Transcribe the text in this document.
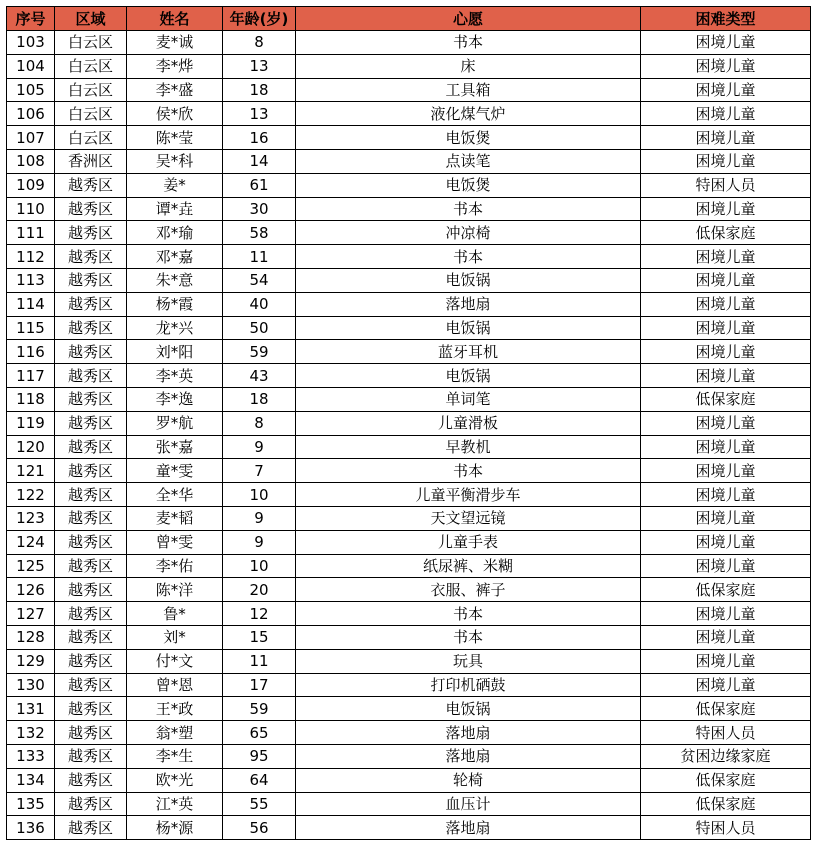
序号	区域	姓名	年龄(岁)	心愿	困难类型
103	白云区	麦*诚	8	书本	困境儿童
104	白云区	李*烨	13	床	困境儿童
105	白云区	李*盛	18	工具箱	困境儿童
106	白云区	侯*欣	13	液化煤气炉	困境儿童
107	白云区	陈*莹	16	电饭煲	困境儿童
108	香洲区	吴*科	14	点读笔	困境儿童
109	越秀区	姜*	61	电饭煲	特困人员
110	越秀区	谭*垚	30	书本	困境儿童
111	越秀区	邓*瑜	58	冲凉椅	低保家庭
112	越秀区	邓*嘉	11	书本	困境儿童
113	越秀区	朱*意	54	电饭锅	困境儿童
114	越秀区	杨*霞	40	落地扇	困境儿童
115	越秀区	龙*兴	50	电饭锅	困境儿童
116	越秀区	刘*阳	59	蓝牙耳机	困境儿童
117	越秀区	李*英	43	电饭锅	困境儿童
118	越秀区	李*逸	18	单词笔	低保家庭
119	越秀区	罗*航	8	儿童滑板	困境儿童
120	越秀区	张*嘉	9	早教机	困境儿童
121	越秀区	童*雯	7	书本	困境儿童
122	越秀区	全*华	10	儿童平衡滑步车	困境儿童
123	越秀区	麦*韬	9	天文望远镜	困境儿童
124	越秀区	曾*雯	9	儿童手表	困境儿童
125	越秀区	李*佑	10	纸尿裤、米糊	困境儿童
126	越秀区	陈*洋	20	衣服、裤子	低保家庭
127	越秀区	鲁*	12	书本	困境儿童
128	越秀区	刘*	15	书本	困境儿童
129	越秀区	付*文	11	玩具	困境儿童
130	越秀区	曾*恩	17	打印机硒鼓	困境儿童
131	越秀区	王*政	59	电饭锅	低保家庭
132	越秀区	翁*塑	65	落地扇	特困人员
133	越秀区	李*生	95	落地扇	贫困边缘家庭
134	越秀区	欧*光	64	轮椅	低保家庭
135	越秀区	江*英	55	血压计	低保家庭
136	越秀区	杨*源	56	落地扇	特困人员
